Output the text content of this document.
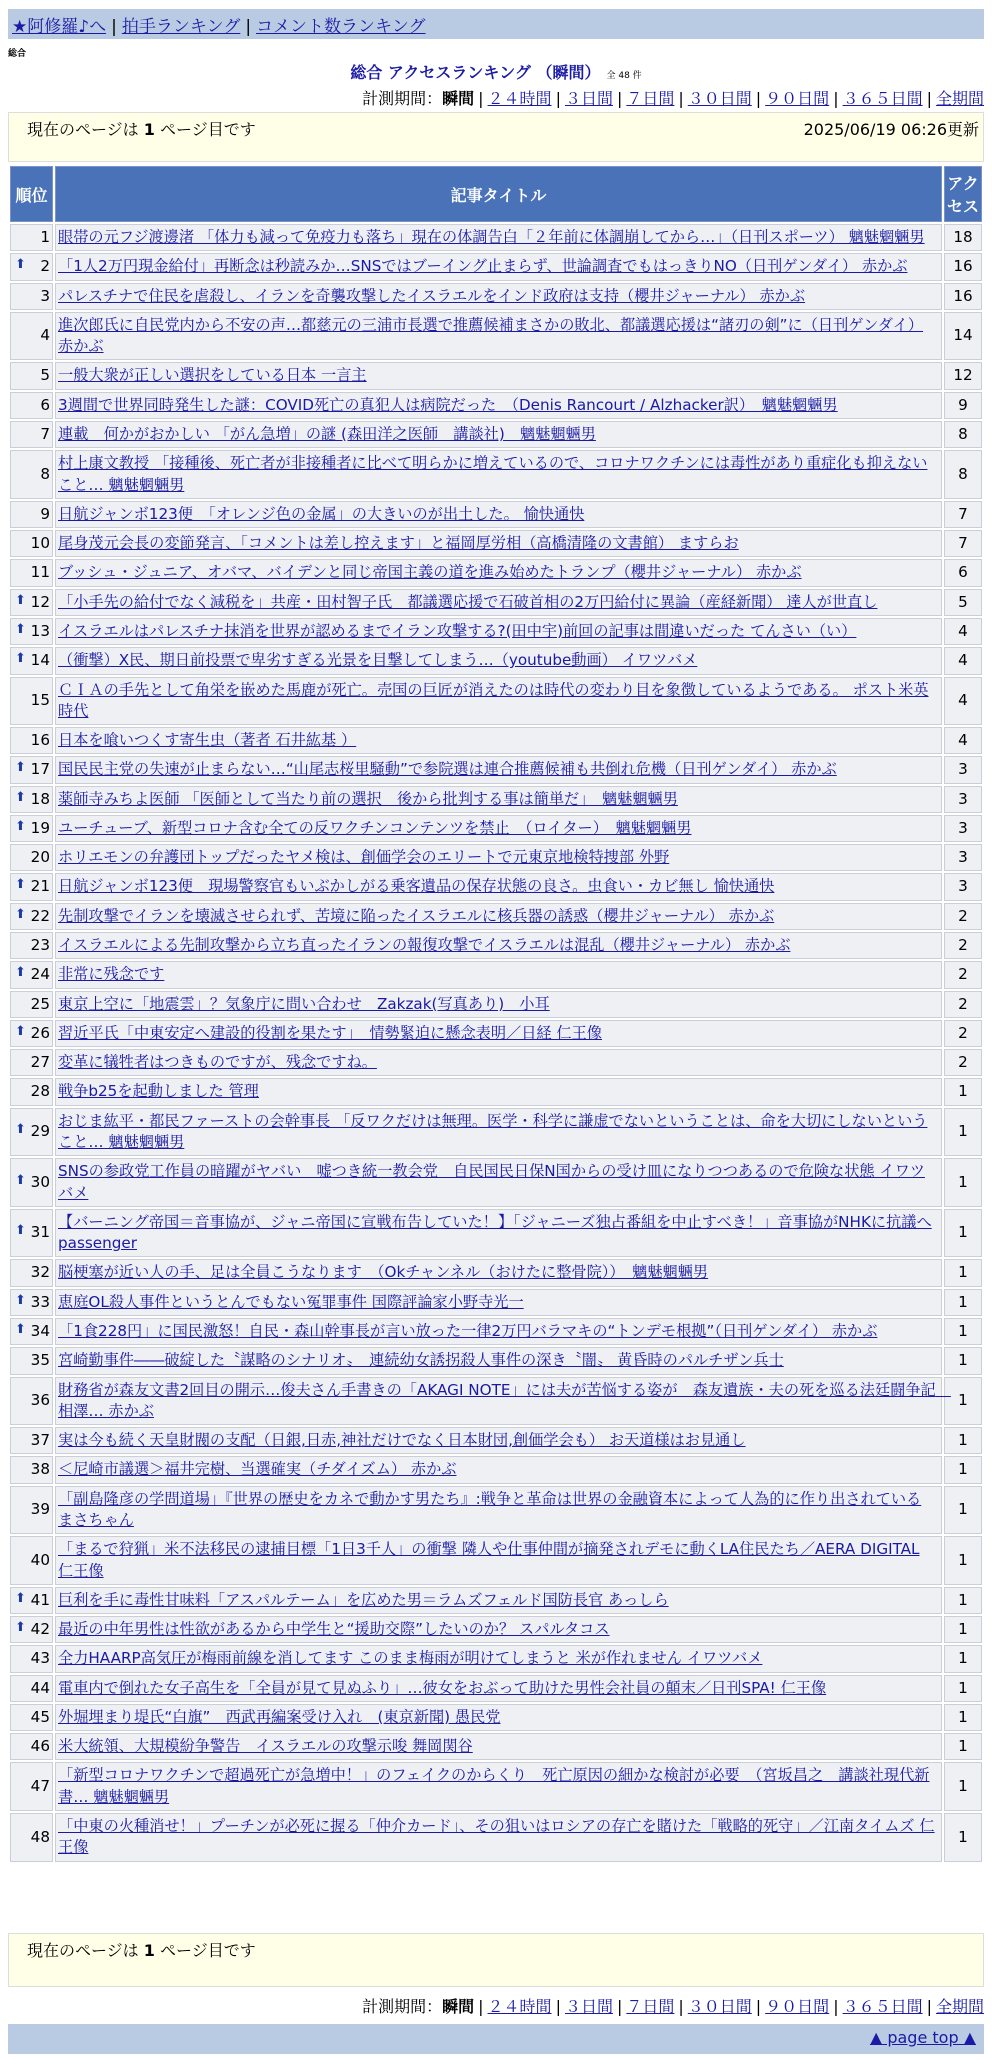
★阿修羅♪へ | 拍手ランキング | コメント数ランキング
総合
総合 アクセスランキング （瞬間） 全 48 件
計測期間：瞬間 | ２４時間 | ３日間 | ７日間 | ３０日間 | ９０日間 | ３６５日間 | 全期間
現在のページは 1 ページ目です	2025/06/19 06:26更新
順位	記事タイトル	アクセス
1	眼帯の元フジ渡邊渚 「体力も減って免疫力も落ち」現在の体調告白「２年前に体調崩してから…」（日刊スポーツ） 魑魅魍魎男	18

⬆ 2	「1人2万円現金給付」再断念は秒読みか…SNSではブーイング止まらず、世論調査でもはっきりNO（日刊ゲンダイ） 赤かぶ	16
3	パレスチナで住民を虐殺し、イランを奇襲攻撃したイスラエルをインド政府は支持（櫻井ジャーナル） 赤かぶ	16
4	進次郎氏に自民党内から不安の声…都慈元の三浦市長選で推薦候補まさかの敗北、都議選応援は“諸刃の剣”に（日刊ゲンダイ） 赤かぶ	14
5	一般大衆が正しい選択をしている日本 一言主	12
6	3週間で世界同時発生した謎：COVID死亡の真犯人は病院だった　（Denis Rancourt / Alzhacker訳）　魑魅魍魎男	9
7	連載　何かがおかしい 「がん急増」の謎 (森田洋之医師　講談社)　魑魅魍魎男	8
8	村上康文教授 「接種後、死亡者が非接種者に比べて明らかに増えているので、コロナワクチンには毒性があり重症化も抑えないこと… 魑魅魍魎男	8
9	日航ジャンボ123便　「オレンジ色の金属」の大きいのが出土した。 愉快通快	7
10	尾身茂元会長の変節発言、「コメントは差し控えます」と福岡厚労相（高橋清隆の文書館） ますらお	7
11	ブッシュ・ジュニア、オバマ、バイデンと同じ帝国主義の道を進み始めたトランプ（櫻井ジャーナル） 赤かぶ	6

⬆ 12	「小手先の給付でなく減税を」共産・田村智子氏　都議選応援で石破首相の2万円給付に異論（産経新聞） 達人が世直し	5

⬆ 13	イスラエルはパレスチナ抹消を世界が認めるまでイラン攻撃する?(田中宇)前回の記事は間違いだった てんさい（い）	4

⬆ 14	（衝撃）X民、期日前投票で卑劣すぎる光景を目撃してしまう…（youtube動画） イワツバメ	4
15	ＣＩＡの手先として角栄を嵌めた馬鹿が死亡。売国の巨匠が消えたのは時代の変わり目を象徴しているようである。 ポスト米英時代	4
16	日本を喰いつくす寄生虫（著者 石井紘基 ）	4

⬆ 17	国民民主党の失速が止まらない…“山尾志桜里騒動”で参院選は連合推薦候補も共倒れ危機（日刊ゲンダイ） 赤かぶ	3

⬆ 18	薬師寺みちよ医師 「医師として当たり前の選択　後から批判する事は簡単だ」　魑魅魍魎男	3

⬆ 19	ユーチューブ、新型コロナ含む全ての反ワクチンコンテンツを禁止　（ロイター）　魑魅魍魎男	3
20	ホリエモンの弁護団トップだったヤメ検は、創価学会のエリートで元東京地検特捜部 外野	3

⬆ 21	日航ジャンボ123便　現場警察官もいぶかしがる乗客遺品の保存状態の良さ。虫食い・カビ無し 愉快通快	3

⬆ 22	先制攻撃でイランを壊滅させられず、苦境に陥ったイスラエルに核兵器の誘惑（櫻井ジャーナル） 赤かぶ	2
23	イスラエルによる先制攻撃から立ち直ったイランの報復攻撃でイスラエルは混乱（櫻井ジャーナル） 赤かぶ	2

⬆ 24	非常に残念です	2
25	東京上空に「地震雲」？気象庁に問い合わせ　Zakzak(写真あり)　小耳	2

⬆ 26	習近平氏「中東安定へ建設的役割を果たす」　情勢緊迫に懸念表明／日経 仁王像	2
27	変革に犠牲者はつきものですが、残念ですね。	2
28	戦争b25を起動しました 管理	1

⬆ 29	おじま紘平・都民ファーストの会幹事長 「反ワクだけは無理。医学・科学に謙虚でないということは、命を大切にしないということ… 魑魅魍魎男	1

⬆ 30	SNSの参政党工作員の暗躍がヤバい　嘘つき統一教会党　自民国民日保N国からの受け皿になりつつあるので危険な状態 イワツバメ	1

⬆ 31	【バーニング帝国＝音事協が、ジャニ帝国に宣戦布告していた！】「ジャニーズ独占番組を中止すべき！」音事協がNHKに抗議へ passenger	1
32	脳梗塞が近い人の手、足は全員こうなります　（Okチャンネル（おけたに整骨院））　魑魅魍魎男	1

⬆ 33	恵庭OL殺人事件というとんでもない冤罪事件 国際評論家小野寺光一	1

⬆ 34	「1食228円」に国民激怒！自民・森山幹事長が言い放った一律2万円バラマキの“トンデモ根拠”（日刊ゲンダイ） 赤かぶ	1
35	宮崎勤事件――破綻した〝謀略のシナリオ〟　連続幼女誘拐殺人事件の深き〝闇〟 黄昏時のパルチザン兵士	1
36	財務省が森友文書2回目の開示…俊夫さん手書きの「AKAGI NOTE」には夫が苦悩する姿が　森友遺族・夫の死を巡る法廷闘争記　相澤… 赤かぶ	1
37	実は今も続く天皇財閥の支配（日銀,日赤,神社だけでなく日本財団,創価学会も） お天道様はお見通し	1
38	＜尼崎市議選＞福井完樹、当選確実（チダイズム） 赤かぶ	1
39	「副島隆彦の学問道場」『世界の歴史をカネで動かす男たち』:戦争と革命は世界の金融資本によって人為的に作り出されている まさちゃん	1
40	「まるで狩猟」米不法移民の逮捕目標「1日3千人」の衝撃 隣人や仕事仲間が摘発されデモに動くLA住民たち／AERA DIGITAL 仁王像	1

⬆ 41	巨利を手に毒性甘味料「アスパルテーム」を広めた男＝ラムズフェルド国防長官 あっしら	1

⬆ 42	最近の中年男性は性欲があるから中学生と“援助交際”したいのか？ スパルタコス	1
43	全力HAARP高気圧が梅雨前線を消してます このまま梅雨が明けてしまうと 米が作れません イワツバメ	1
44	電車内で倒れた女子高生を「全員が見て見ぬふり」…彼女をおぶって助けた男性会社員の顛末／日刊SPA! 仁王像	1
45	外堀埋まり堤氏“白旗”　西武再編案受け入れ　(東京新聞) 愚民党	1
46	米大統領、大規模紛争警告　イスラエルの攻撃示唆 舞岡関谷	1
47	「新型コロナワクチンで超過死亡が急増中！」のフェイクのからくり　死亡原因の細かな検討が必要　（宮坂昌之　講談社現代新書… 魑魅魍魎男	1
48	「中東の火種消せ！」プーチンが必死に握る「仲介カード」、その狙いはロシアの存亡を賭けた「戦略的死守」／江南タイムズ 仁王像	1
現在のページは 1 ページ目です
計測期間：瞬間 | ２４時間 | ３日間 | ７日間 | ３０日間 | ９０日間 | ３６５日間 | 全期間
▲ page top ▲
